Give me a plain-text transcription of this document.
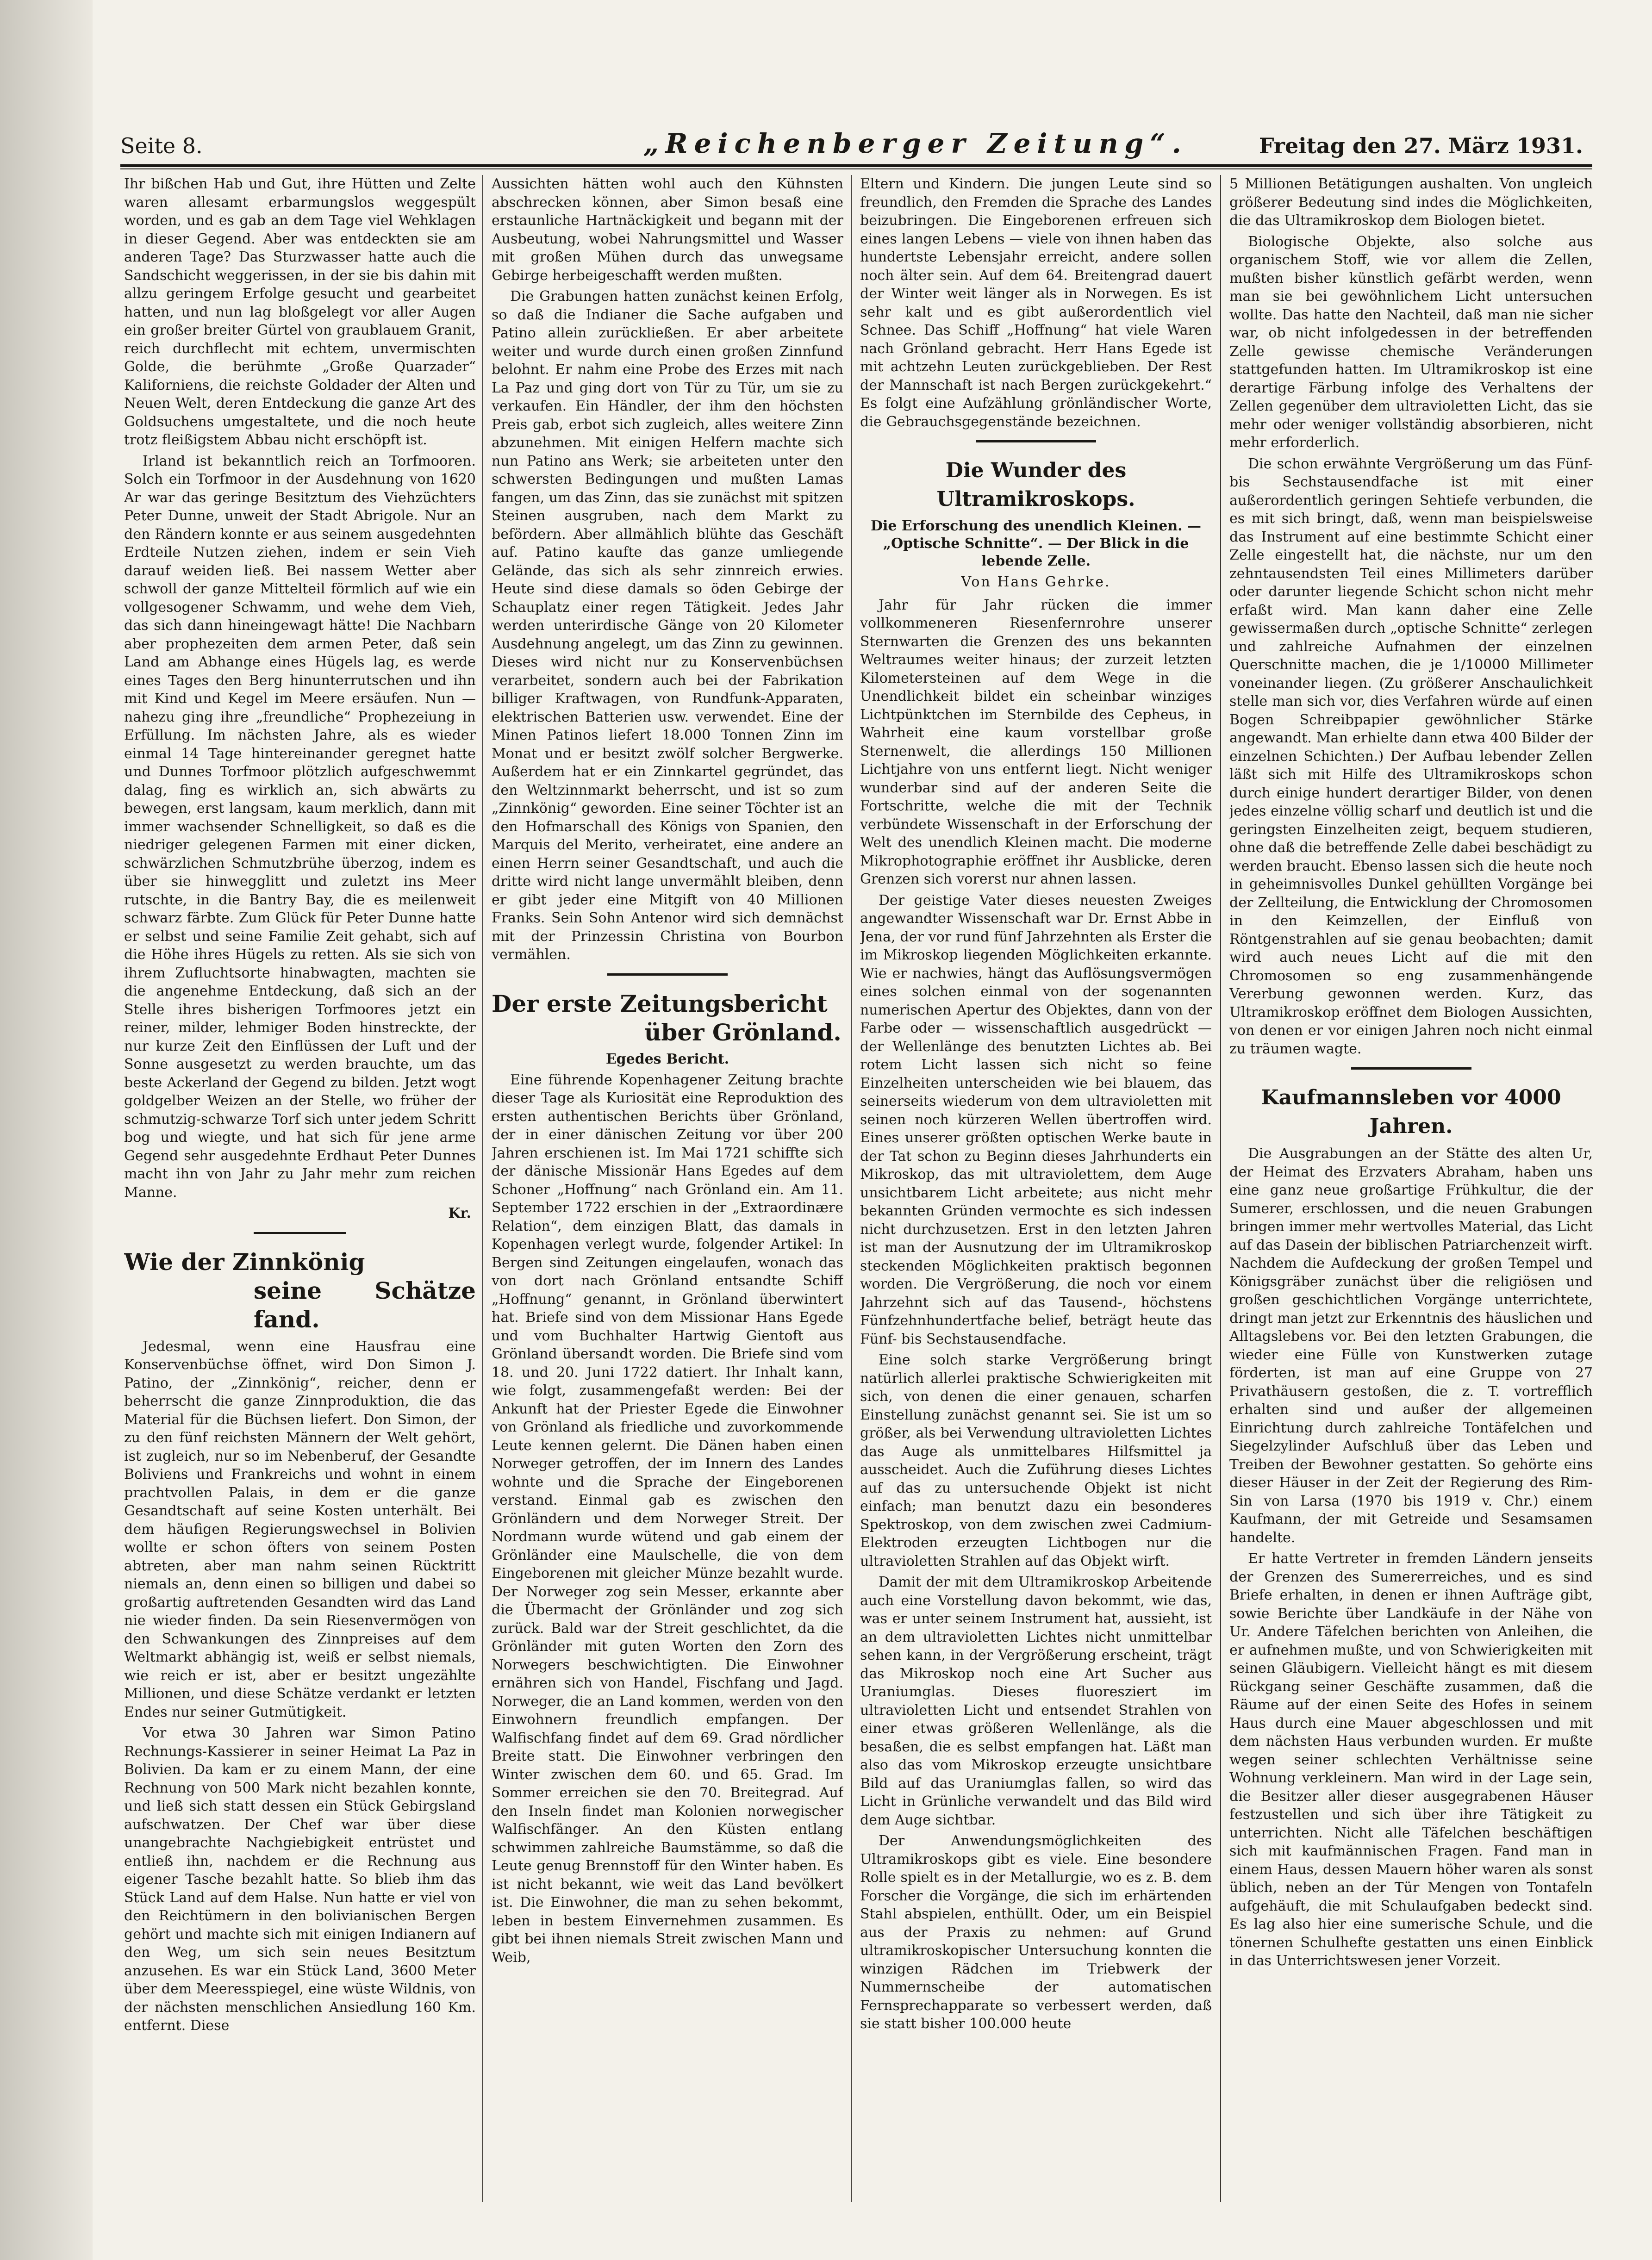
Seite 8.	„Reichenberger Zeitung“.	Freitag den 27. März 1931.

Ihr bißchen Hab und Gut, ihre Hütten und Zelte waren allesamt erbarmungslos weggespült worden, und es gab an dem Tage viel Wehklagen in dieser Gegend. Aber was entdeckten sie am anderen Tage? Das Sturzwasser hatte auch die Sandschicht weggerissen, in der sie bis dahin mit allzu geringem Erfolge gesucht und gearbeitet hatten, und nun lag bloßgelegt vor aller Augen ein großer breiter Gürtel von graublauem Granit, reich durchflecht mit echtem, unvermischten Golde, die berühmte „Große Quarzader“ Kaliforniens, die reichste Goldader der Alten und Neuen Welt, deren Entdeckung die ganze Art des Goldsuchens umgestaltete, und die noch heute trotz fleißigstem Abbau nicht erschöpft ist.

Irland ist bekanntlich reich an Torfmooren. Solch ein Torfmoor in der Ausdehnung von 1620 Ar war das geringe Besitztum des Viehzüchters Peter Dunne, unweit der Stadt Abrigole. Nur an den Rändern konnte er aus seinem ausgedehnten Erdteile Nutzen ziehen, indem er sein Vieh darauf weiden ließ. Bei nassem Wetter aber schwoll der ganze Mittelteil förmlich auf wie ein vollgesogener Schwamm, und wehe dem Vieh, das sich dann hineingewagt hätte! Die Nachbarn aber prophezeiten dem armen Peter, daß sein Land am Abhange eines Hügels lag, es werde eines Tages den Berg hinunterrutschen und ihn mit Kind und Kegel im Meere ersäufen. Nun — nahezu ging ihre „freundliche“ Prophezeiung in Erfüllung. Im nächsten Jahre, als es wieder einmal 14 Tage hintereinander geregnet hatte und Dunnes Torfmoor plötzlich aufgeschwemmt dalag, fing es wirklich an, sich abwärts zu bewegen, erst langsam, kaum merklich, dann mit immer wachsender Schnelligkeit, so daß es die niedriger gelegenen Farmen mit einer dicken, schwärzlichen Schmutzbrühe überzog, indem es über sie hinwegglitt und zuletzt ins Meer rutschte, in die Bantry Bay, die es meilenweit schwarz färbte. Zum Glück für Peter Dunne hatte er selbst und seine Familie Zeit gehabt, sich auf die Höhe ihres Hügels zu retten. Als sie sich von ihrem Zufluchtsorte hinabwagten, machten sie die angenehme Entdeckung, daß sich an der Stelle ihres bisherigen Torfmoores jetzt ein reiner, milder, lehmiger Boden hinstreckte, der nur kurze Zeit den Einflüssen der Luft und der Sonne ausgesetzt zu werden brauchte, um das beste Ackerland der Gegend zu bilden. Jetzt wogt goldgelber Weizen an der Stelle, wo früher der schmutzig-schwarze Torf sich unter jedem Schritt bog und wiegte, und hat sich für jene arme Gegend sehr ausgedehnte Erdhaut Peter Dunnes macht ihn von Jahr zu Jahr mehr zum reichen Manne.

Kr.
Wie der Zinnkönig
seine Schätze fand.

Jedesmal, wenn eine Hausfrau eine Konservenbüchse öffnet, wird Don Simon J. Patino, der „Zinnkönig“, reicher, denn er beherrscht die ganze Zinnproduktion, die das Material für die Büchsen liefert. Don Simon, der zu den fünf reichsten Männern der Welt gehört, ist zugleich, nur so im Nebenberuf, der Gesandte Boliviens und Frankreichs und wohnt in einem prachtvollen Palais, in dem er die ganze Gesandtschaft auf seine Kosten unterhält. Bei dem häufigen Regierungswechsel in Bolivien wollte er schon öfters von seinem Posten abtreten, aber man nahm seinen Rücktritt niemals an, denn einen so billigen und dabei so großartig auftretenden Gesandten wird das Land nie wieder finden. Da sein Riesenvermögen von den Schwankungen des Zinnpreises auf dem Weltmarkt abhängig ist, weiß er selbst niemals, wie reich er ist, aber er besitzt ungezählte Millionen, und diese Schätze verdankt er letzten Endes nur seiner Gutmütigkeit.

Vor etwa 30 Jahren war Simon Patino Rechnungs-Kassierer in seiner Heimat La Paz in Bolivien. Da kam er zu einem Mann, der eine Rechnung von 500 Mark nicht bezahlen konnte, und ließ sich statt dessen ein Stück Gebirgsland aufschwatzen. Der Chef war über diese unangebrachte Nachgiebigkeit entrüstet und entließ ihn, nachdem er die Rechnung aus eigener Tasche bezahlt hatte. So blieb ihm das Stück Land auf dem Halse. Nun hatte er viel von den Reichtümern in den bolivianischen Bergen gehört und machte sich mit einigen Indianern auf den Weg, um sich sein neues Besitztum anzusehen. Es war ein Stück Land, 3600 Meter über dem Meeresspiegel, eine wüste Wildnis, von der nächsten menschlichen Ansiedlung 160 Km. entfernt. Diese

Aussichten hätten wohl auch den Kühnsten abschrecken können, aber Simon besaß eine erstaunliche Hartnäckigkeit und begann mit der Ausbeutung, wobei Nahrungsmittel und Wasser mit großen Mühen durch das unwegsame Gebirge herbeigeschafft werden mußten.

Die Grabungen hatten zunächst keinen Erfolg, so daß die Indianer die Sache aufgaben und Patino allein zurückließen. Er aber arbeitete weiter und wurde durch einen großen Zinnfund belohnt. Er nahm eine Probe des Erzes mit nach La Paz und ging dort von Tür zu Tür, um sie zu verkaufen. Ein Händler, der ihm den höchsten Preis gab, erbot sich zugleich, alles weitere Zinn abzunehmen. Mit einigen Helfern machte sich nun Patino ans Werk; sie arbeiteten unter den schwersten Bedingungen und mußten Lamas fangen, um das Zinn, das sie zunächst mit spitzen Steinen ausgruben, nach dem Markt zu befördern. Aber allmählich blühte das Geschäft auf. Patino kaufte das ganze umliegende Gelände, das sich als sehr zinnreich erwies. Heute sind diese damals so öden Gebirge der Schauplatz einer regen Tätigkeit. Jedes Jahr werden unterirdische Gänge von 20 Kilometer Ausdehnung angelegt, um das Zinn zu gewinnen. Dieses wird nicht nur zu Konservenbüchsen verarbeitet, sondern auch bei der Fabrikation billiger Kraftwagen, von Rundfunk-Apparaten, elektrischen Batterien usw. verwendet. Eine der Minen Patinos liefert 18.000 Tonnen Zinn im Monat und er besitzt zwölf solcher Bergwerke. Außerdem hat er ein Zinnkartel gegründet, das den Weltzinnmarkt beherrscht, und ist so zum „Zinnkönig“ geworden. Eine seiner Töchter ist an den Hofmarschall des Königs von Spanien, den Marquis del Merito, verheiratet, eine andere an einen Herrn seiner Gesandtschaft, und auch die dritte wird nicht lange unvermählt bleiben, denn er gibt jeder eine Mitgift von 40 Millionen Franks. Sein Sohn Antenor wird sich demnächst mit der Prinzessin Christina von Bourbon vermählen.

Der erste Zeitungsbericht
über Grönland.
Egedes Bericht.

Eine führende Kopenhagener Zeitung brachte dieser Tage als Kuriosität eine Reproduktion des ersten authentischen Berichts über Grönland, der in einer dänischen Zeitung vor über 200 Jahren erschienen ist. Im Mai 1721 schiffte sich der dänische Missionär Hans Egedes auf dem Schoner „Hoffnung“ nach Grönland ein. Am 11. September 1722 erschien in der „Extraordinære Relation“, dem einzigen Blatt, das damals in Kopenhagen verlegt wurde, folgender Artikel: In Bergen sind Zeitungen eingelaufen, wonach das von dort nach Grönland entsandte Schiff „Hoffnung“ genannt, in Grönland überwintert hat. Briefe sind von dem Missionar Hans Egede und vom Buchhalter Hartwig Gientoft aus Grönland übersandt worden. Die Briefe sind vom 18. und 20. Juni 1722 datiert. Ihr Inhalt kann, wie folgt, zusammengefaßt werden: Bei der Ankunft hat der Priester Egede die Einwohner von Grönland als friedliche und zuvorkommende Leute kennen gelernt. Die Dänen haben einen Norweger getroffen, der im Innern des Landes wohnte und die Sprache der Eingeborenen verstand. Einmal gab es zwischen den Grönländern und dem Norweger Streit. Der Nordmann wurde wütend und gab einem der Grönländer eine Maulschelle, die von dem Eingeborenen mit gleicher Münze bezahlt wurde. Der Norweger zog sein Messer, erkannte aber die Übermacht der Grönländer und zog sich zurück. Bald war der Streit geschlichtet, da die Grönländer mit guten Worten den Zorn des Norwegers beschwichtigten. Die Einwohner ernähren sich von Handel, Fischfang und Jagd. Norweger, die an Land kommen, werden von den Einwohnern freundlich empfangen. Der Walfischfang findet auf dem 69. Grad nördlicher Breite statt. Die Einwohner verbringen den Winter zwischen dem 60. und 65. Grad. Im Sommer erreichen sie den 70. Breitegrad. Auf den Inseln findet man Kolonien norwegischer Walfischfänger. An den Küsten entlang schwimmen zahlreiche Baumstämme, so daß die Leute genug Brennstoff für den Winter haben. Es ist nicht bekannt, wie weit das Land bevölkert ist. Die Einwohner, die man zu sehen bekommt, leben in bestem Einvernehmen zusammen. Es gibt bei ihnen niemals Streit zwischen Mann und Weib,

Eltern und Kindern. Die jungen Leute sind so freundlich, den Fremden die Sprache des Landes beizubringen. Die Eingeborenen erfreuen sich eines langen Lebens — viele von ihnen haben das hundertste Lebensjahr erreicht, andere sollen noch älter sein. Auf dem 64. Breitengrad dauert der Winter weit länger als in Norwegen. Es ist sehr kalt und es gibt außerordentlich viel Schnee. Das Schiff „Hoffnung“ hat viele Waren nach Grönland gebracht. Herr Hans Egede ist mit achtzehn Leuten zurückgeblieben. Der Rest der Mannschaft ist nach Bergen zurückgekehrt.“ Es folgt eine Aufzählung grönländischer Worte, die Gebrauchsgegenstände bezeichnen.

Die Wunder des Ultramikroskops.
Die Erforschung des unendlich Kleinen. — „Optische Schnitte“. — Der Blick in die lebende Zelle.
Von Hans Gehrke.

Jahr für Jahr rücken die immer vollkommeneren Riesenfernrohre unserer Sternwarten die Grenzen des uns bekannten Weltraumes weiter hinaus; der zurzeit letzten Kilometersteinen auf dem Wege in die Unendlichkeit bildet ein scheinbar winziges Lichtpünktchen im Sternbilde des Cepheus, in Wahrheit eine kaum vorstellbar große Sternenwelt, die allerdings 150 Millionen Lichtjahre von uns entfernt liegt. Nicht weniger wunderbar sind auf der anderen Seite die Fortschritte, welche die mit der Technik verbündete Wissenschaft in der Erforschung der Welt des unendlich Kleinen macht. Die moderne Mikrophotographie eröffnet ihr Ausblicke, deren Grenzen sich vorerst nur ahnen lassen.

Der geistige Vater dieses neuesten Zweiges angewandter Wissenschaft war Dr. Ernst Abbe in Jena, der vor rund fünf Jahrzehnten als Erster die im Mikroskop liegenden Möglichkeiten erkannte. Wie er nachwies, hängt das Auflösungsvermögen eines solchen einmal von der sogenannten numerischen Apertur des Objektes, dann von der Farbe oder — wissenschaftlich ausgedrückt — der Wellenlänge des benutzten Lichtes ab. Bei rotem Licht lassen sich nicht so feine Einzelheiten unterscheiden wie bei blauem, das seinerseits wiederum von dem ultravioletten mit seinen noch kürzeren Wellen übertroffen wird. Eines unserer größten optischen Werke baute in der Tat schon zu Beginn dieses Jahrhunderts ein Mikroskop, das mit ultraviolettem, dem Auge unsichtbarem Licht arbeitete; aus nicht mehr bekannten Gründen vermochte es sich indessen nicht durchzusetzen. Erst in den letzten Jahren ist man der Ausnutzung der im Ultramikroskop steckenden Möglichkeiten praktisch begonnen worden. Die Vergrößerung, die noch vor einem Jahrzehnt sich auf das Tausend-, höchstens Fünfzehnhundertfache belief, beträgt heute das Fünf- bis Sechstausendfache.

Eine solch starke Vergrößerung bringt natürlich allerlei praktische Schwierigkeiten mit sich, von denen die einer genauen, scharfen Einstellung zunächst genannt sei. Sie ist um so größer, als bei Verwendung ultravioletten Lichtes das Auge als unmittelbares Hilfsmittel ja ausscheidet. Auch die Zuführung dieses Lichtes auf das zu untersuchende Objekt ist nicht einfach; man benutzt dazu ein besonderes Spektroskop, von dem zwischen zwei Cadmium-Elektroden erzeugten Lichtbogen nur die ultravioletten Strahlen auf das Objekt wirft.

Damit der mit dem Ultramikroskop Arbeitende auch eine Vorstellung davon bekommt, wie das, was er unter seinem Instrument hat, aussieht, ist an dem ultravioletten Lichtes nicht unmittelbar sehen kann, in der Vergrößerung erscheint, trägt das Mikroskop noch eine Art Sucher aus Uraniumglas. Dieses fluoresziert im ultravioletten Licht und entsendet Strahlen von einer etwas größeren Wellenlänge, als die besaßen, die es selbst empfangen hat. Läßt man also das vom Mikroskop erzeugte unsichtbare Bild auf das Uraniumglas fallen, so wird das Licht in Grünliche verwandelt und das Bild wird dem Auge sichtbar.

Der Anwendungsmöglichkeiten des Ultramikroskops gibt es viele. Eine besondere Rolle spielt es in der Metallurgie, wo es z. B. dem Forscher die Vorgänge, die sich im erhärtenden Stahl abspielen, enthüllt. Oder, um ein Beispiel aus der Praxis zu nehmen: auf Grund ultramikroskopischer Untersuchung konnten die winzigen Rädchen im Triebwerk der Nummernscheibe der automatischen Fernsprechapparate so verbessert werden, daß sie statt bisher 100.000 heute

5 Millionen Betätigungen aushalten. Von ungleich größerer Bedeutung sind indes die Möglichkeiten, die das Ultramikroskop dem Biologen bietet.

Biologische Objekte, also solche aus organischem Stoff, wie vor allem die Zellen, mußten bisher künstlich gefärbt werden, wenn man sie bei gewöhnlichem Licht untersuchen wollte. Das hatte den Nachteil, daß man nie sicher war, ob nicht infolgedessen in der betreffenden Zelle gewisse chemische Veränderungen stattgefunden hatten. Im Ultramikroskop ist eine derartige Färbung infolge des Verhaltens der Zellen gegenüber dem ultravioletten Licht, das sie mehr oder weniger vollständig absorbieren, nicht mehr erforderlich.

Die schon erwähnte Vergrößerung um das Fünf- bis Sechstausendfache ist mit einer außerordentlich geringen Sehtiefe verbunden, die es mit sich bringt, daß, wenn man beispielsweise das Instrument auf eine bestimmte Schicht einer Zelle eingestellt hat, die nächste, nur um den zehntausendsten Teil eines Millimeters darüber oder darunter liegende Schicht schon nicht mehr erfaßt wird. Man kann daher eine Zelle gewissermaßen durch „optische Schnitte“ zerlegen und zahlreiche Aufnahmen der einzelnen Querschnitte machen, die je 1/10000 Millimeter voneinander liegen. (Zu größerer Anschaulichkeit stelle man sich vor, dies Verfahren würde auf einen Bogen Schreibpapier gewöhnlicher Stärke angewandt. Man erhielte dann etwa 400 Bilder der einzelnen Schichten.) Der Aufbau lebender Zellen läßt sich mit Hilfe des Ultramikroskops schon durch einige hundert derartiger Bilder, von denen jedes einzelne völlig scharf und deutlich ist und die geringsten Einzelheiten zeigt, bequem studieren, ohne daß die betreffende Zelle dabei beschädigt zu werden braucht. Ebenso lassen sich die heute noch in geheimnisvolles Dunkel gehüllten Vorgänge bei der Zellteilung, die Entwicklung der Chromosomen in den Keimzellen, der Einfluß von Röntgenstrahlen auf sie genau beobachten; damit wird auch neues Licht auf die mit den Chromosomen so eng zusammenhängende Vererbung gewonnen werden. Kurz, das Ultramikroskop eröffnet dem Biologen Aussichten, von denen er vor einigen Jahren noch nicht einmal zu träumen wagte.

Kaufmannsleben vor 4000 Jahren.

Die Ausgrabungen an der Stätte des alten Ur, der Heimat des Erzvaters Abraham, haben uns eine ganz neue großartige Frühkultur, die der Sumerer, erschlossen, und die neuen Grabungen bringen immer mehr wertvolles Material, das Licht auf das Dasein der biblischen Patriarchenzeit wirft. Nachdem die Aufdeckung der großen Tempel und Königsgräber zunächst über die religiösen und großen geschichtlichen Vorgänge unterrichtete, dringt man jetzt zur Erkenntnis des häuslichen und Alltagslebens vor. Bei den letzten Grabungen, die wieder eine Fülle von Kunstwerken zutage förderten, ist man auf eine Gruppe von 27 Privathäusern gestoßen, die z. T. vortrefflich erhalten sind und außer der allgemeinen Einrichtung durch zahlreiche Tontäfelchen und Siegelzylinder Aufschluß über das Leben und Treiben der Bewohner gestatten. So gehörte eins dieser Häuser in der Zeit der Regierung des Rim-Sin von Larsa (1970 bis 1919 v. Chr.) einem Kaufmann, der mit Getreide und Sesamsamen handelte.

Er hatte Vertreter in fremden Ländern jenseits der Grenzen des Sumererreiches, und es sind Briefe erhalten, in denen er ihnen Aufträge gibt, sowie Berichte über Landkäufe in der Nähe von Ur. Andere Täfelchen berichten von Anleihen, die er aufnehmen mußte, und von Schwierigkeiten mit seinen Gläubigern. Vielleicht hängt es mit diesem Rückgang seiner Geschäfte zusammen, daß die Räume auf der einen Seite des Hofes in seinem Haus durch eine Mauer abgeschlossen und mit dem nächsten Haus verbunden wurden. Er mußte wegen seiner schlechten Verhältnisse seine Wohnung verkleinern. Man wird in der Lage sein, die Besitzer aller dieser ausgegrabenen Häuser festzustellen und sich über ihre Tätigkeit zu unterrichten. Nicht alle Täfelchen beschäftigen sich mit kaufmännischen Fragen. Fand man in einem Haus, dessen Mauern höher waren als sonst üblich, neben an der Tür Mengen von Tontafeln aufgehäuft, die mit Schulaufgaben bedeckt sind. Es lag also hier eine sumerische Schule, und die tönernen Schulhefte gestatten uns einen Einblick in das Unterrichtswesen jener Vorzeit.
